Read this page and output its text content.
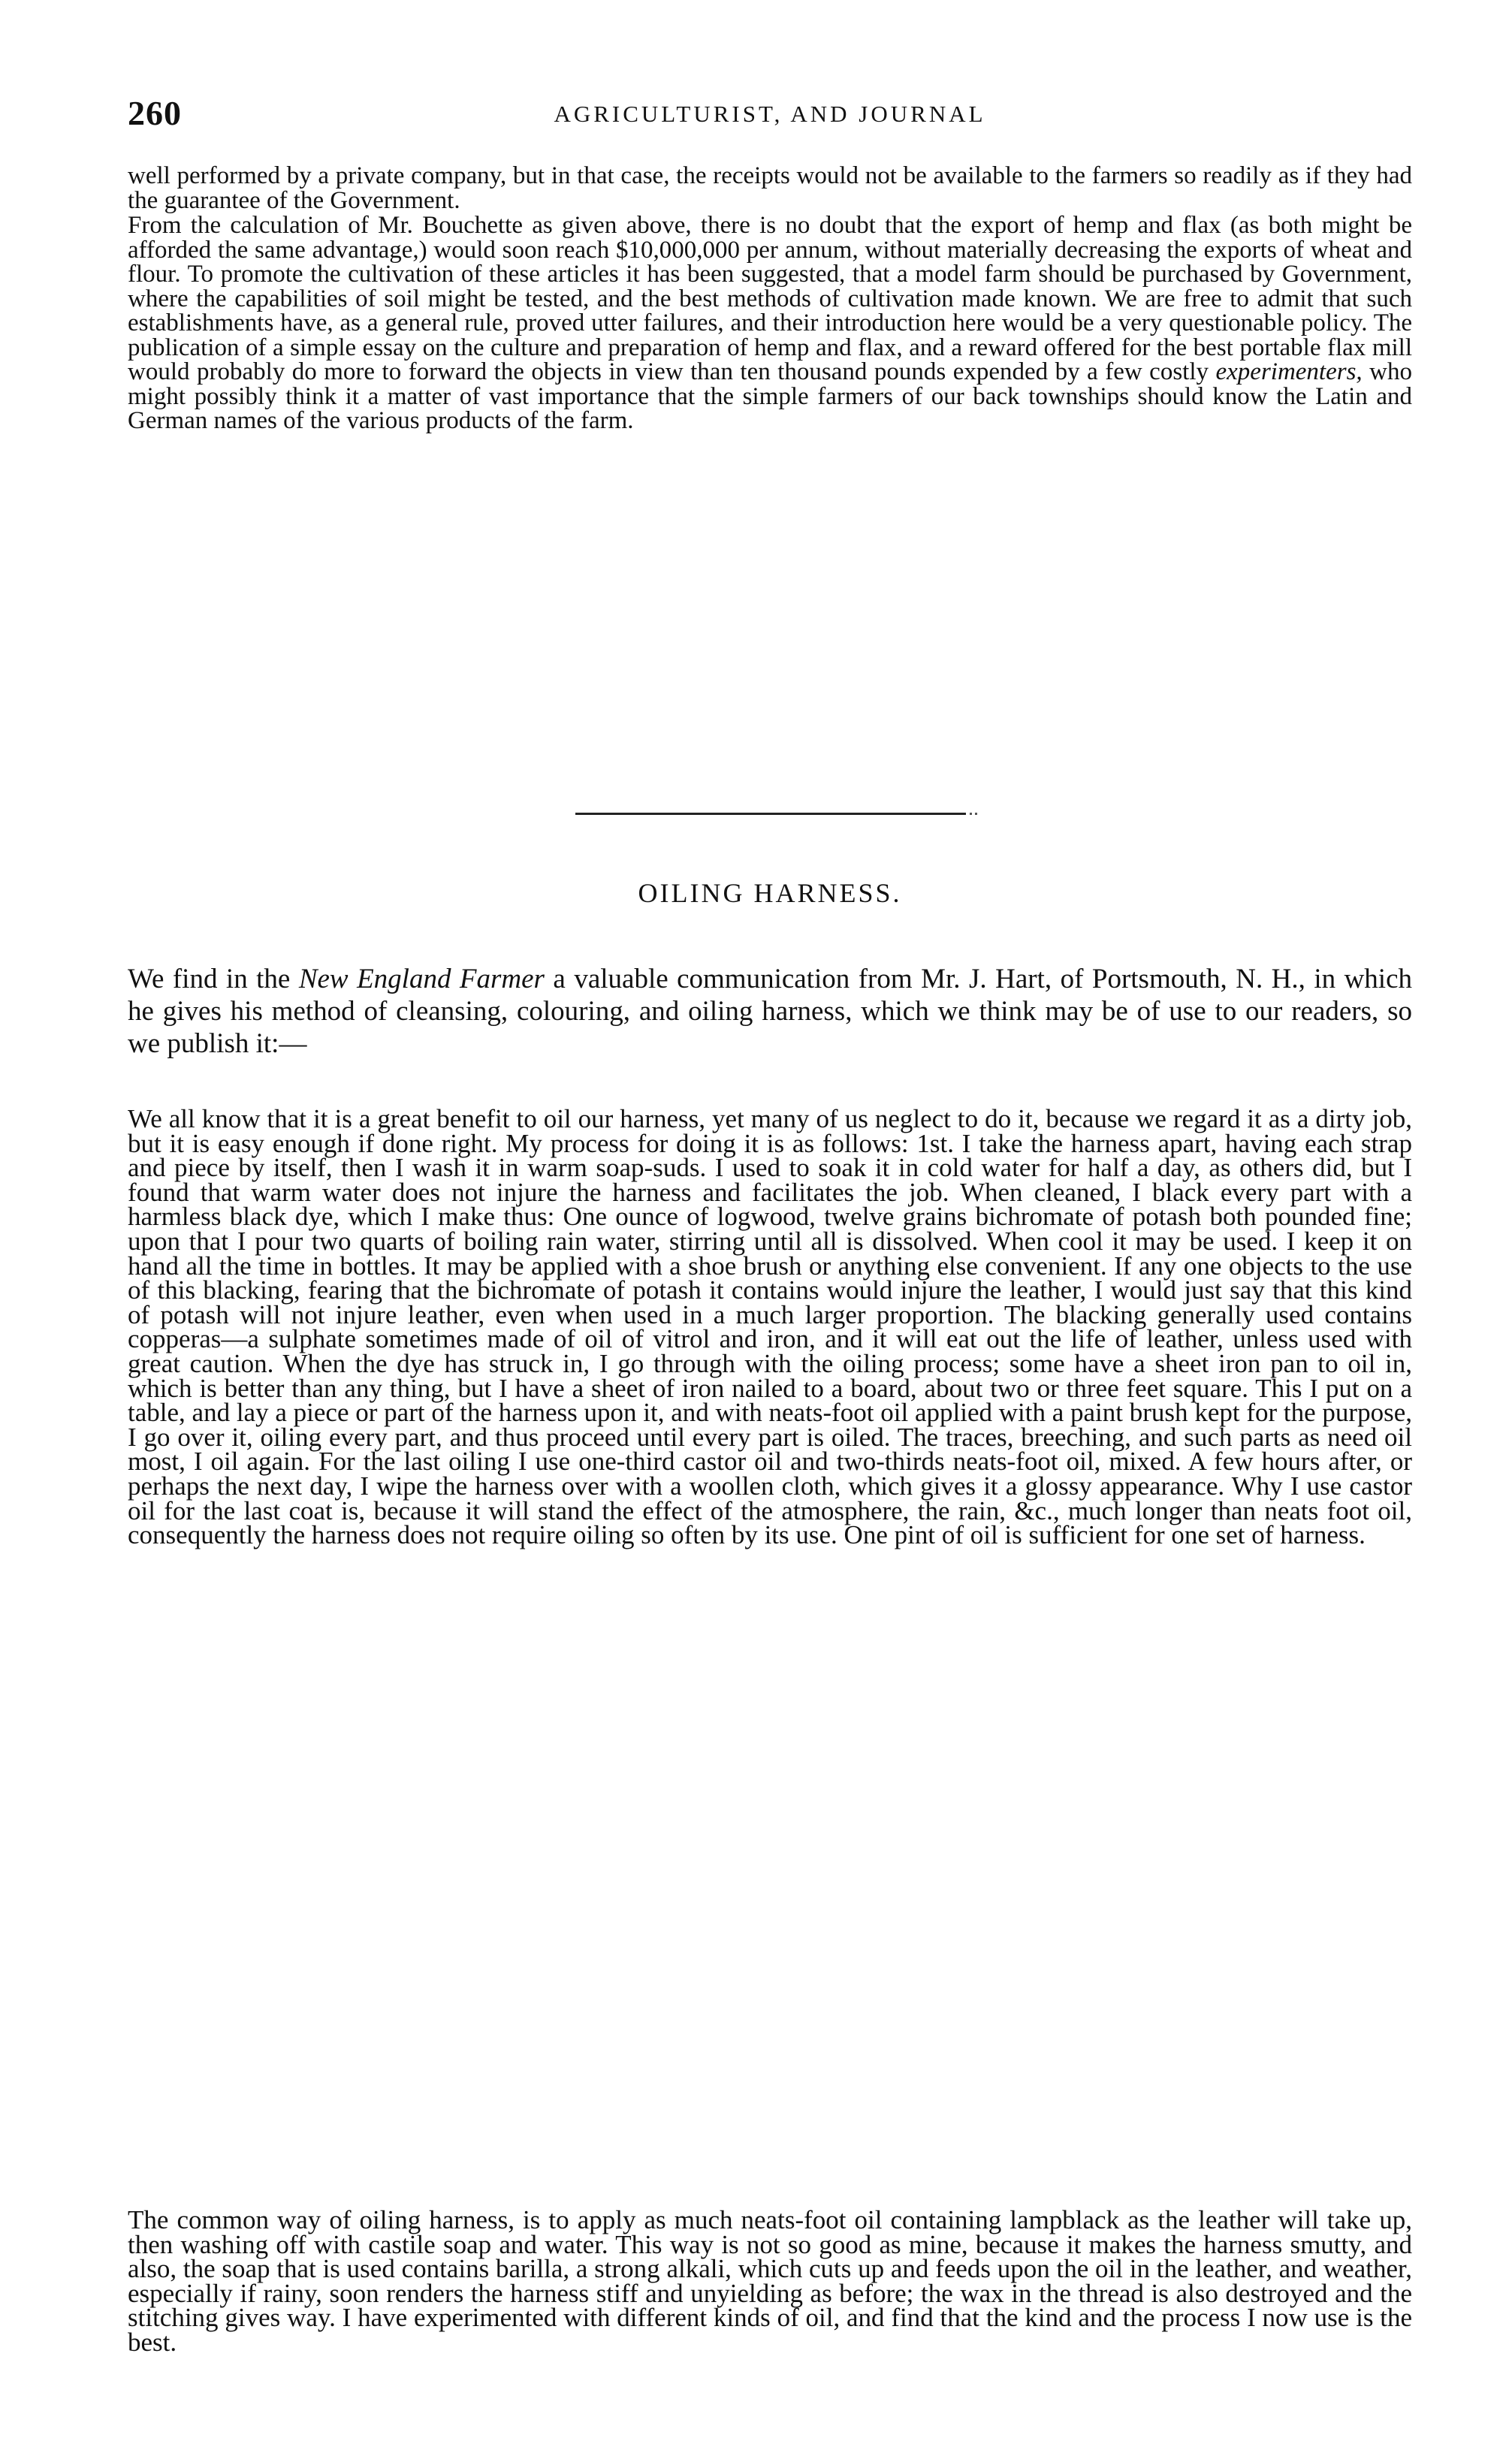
260	AGRICULTURIST, AND JOURNAL

well performed by a private company, but in that case, the receipts would not be available to the farmers so readily as if they had the guarantee of the Government.

From the calculation of Mr. Bouchette as given above, there is no doubt that the export of hemp and flax (as both might be afforded the same advantage,) would soon reach $10,000,000 per annum, without materially decreasing the exports of wheat and flour. To promote the cultivation of these articles it has been suggested, that a model farm should be purchased by Government, where the capabilities of soil might be tested, and the best methods of cultivation made known. We are free to admit that such establishments have, as a general rule, proved utter failures, and their introduction here would be a very questionable policy. The publication of a simple essay on the culture and preparation of hemp and flax, and a reward offered for the best portable flax mill would probably do more to forward the objects in view than ten thousand pounds expended by a few costly experimenters, who might possibly think it a matter of vast importance that the simple farmers of our back townships should know the Latin and German names of the various products of the farm.

OILING HARNESS.

We find in the New England Farmer a valuable communication from Mr. J. Hart, of Portsmouth, N. H., in which he gives his method of cleansing, colouring, and oiling harness, which we think may be of use to our readers, so we publish it:—

We all know that it is a great benefit to oil our harness, yet many of us neglect to do it, because we regard it as a dirty job, but it is easy enough if done right. My process for doing it is as follows: 1st. I take the harness apart, having each strap and piece by itself, then I wash it in warm soap-suds. I used to soak it in cold water for half a day, as others did, but I found that warm water does not injure the harness and facilitates the job. When cleaned, I black every part with a harmless black dye, which I make thus: One ounce of logwood, twelve grains bichromate of potash both pounded fine; upon that I pour two quarts of boiling rain water, stirring until all is dissolved. When cool it may be used. I keep it on hand all the time in bottles. It may be applied with a shoe brush or anything else convenient. If any one objects to the use of this blacking, fearing that the bichromate of potash it contains would injure the leather, I would just say that this kind of potash will not injure leather, even when used in a much larger proportion. The blacking generally used contains copperas—a sulphate sometimes made of oil of vitrol and iron, and it will eat out the life of leather, unless used with great caution. When the dye has struck in, I go through with the oiling process; some have a sheet iron pan to oil in, which is better than any thing, but I have a sheet of iron nailed to a board, about two or three feet square. This I put on a table, and lay a piece or part of the harness upon it, and with neats-foot oil applied with a paint brush kept for the purpose, I go over it, oiling every part, and thus proceed until every part is oiled. The traces, breeching, and such parts as need oil most, I oil again. For the last oiling I use one-third castor oil and two-thirds neats-foot oil, mixed. A few hours after, or perhaps the next day, I wipe the harness over with a woollen cloth, which gives it a glossy appearance. Why I use castor oil for the last coat is, because it will stand the effect of the atmosphere, the rain, &c., much longer than neats foot oil, consequently the harness does not require oiling so often by its use. One pint of oil is sufficient for one set of harness.

The common way of oiling harness, is to apply as much neats-foot oil containing lampblack as the leather will take up, then washing off with castile soap and water. This way is not so good as mine, because it makes the harness smutty, and also, the soap that is used contains barilla, a strong alkali, which cuts up and feeds upon the oil in the leather, and weather, especially if rainy, soon renders the harness stiff and unyielding as before; the wax in the thread is also destroyed and the stitching gives way. I have experimented with different kinds of oil, and find that the kind and the process I now use is the best.
